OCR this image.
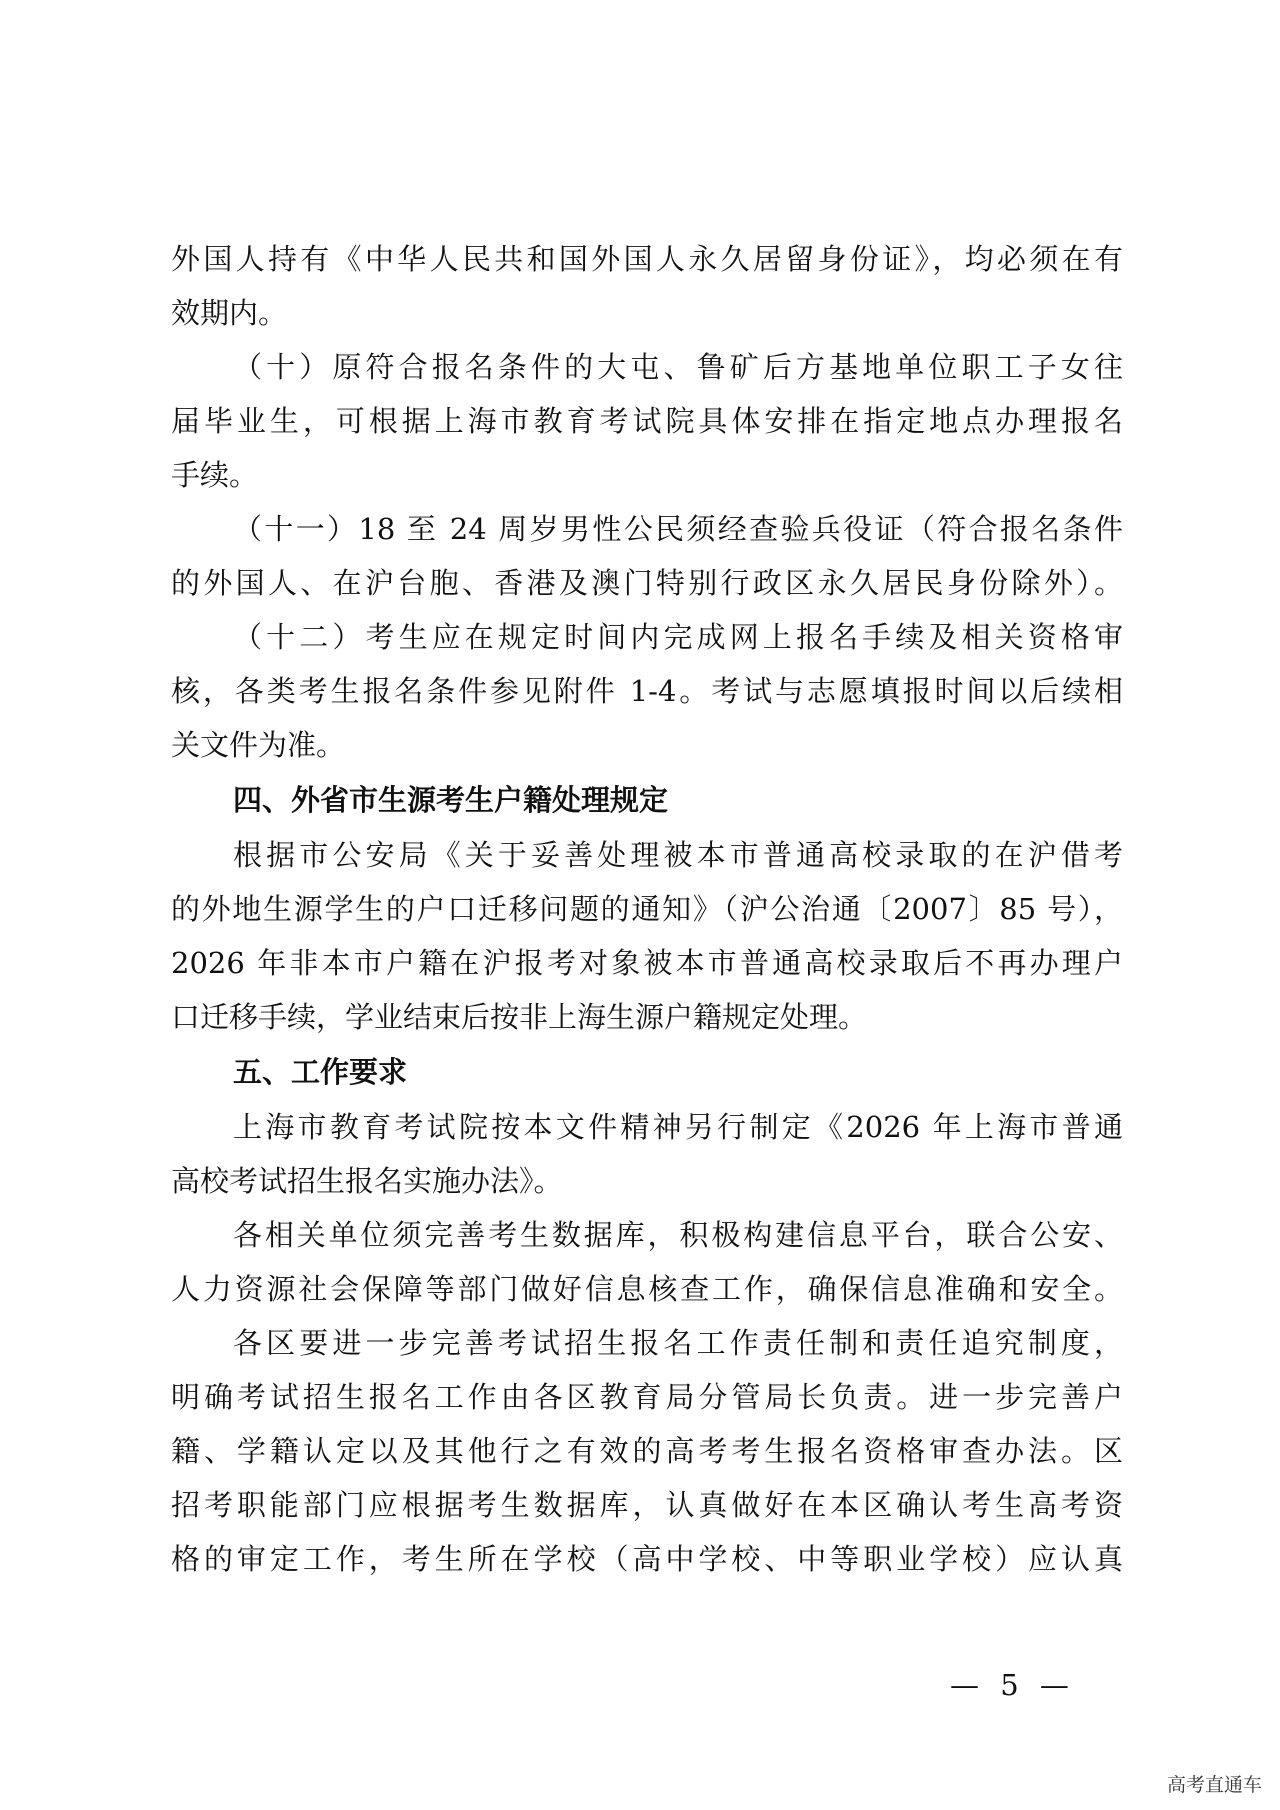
外国人持有《中华人民共和国外国人永久居留身份证》，均必须在有
效期内。
（十）原符合报名条件的大屯、鲁矿后方基地单位职工子女往
届毕业生，可根据上海市教育考试院具体安排在指定地点办理报名
手续。
（十一）18 至 24 周岁男性公民须经查验兵役证（符合报名条件
的外国人、在沪台胞、香港及澳门特别行政区永久居民身份除外）。
（十二）考生应在规定时间内完成网上报名手续及相关资格审
核，各类考生报名条件参见附件 1-4。考试与志愿填报时间以后续相
关文件为准。
四、外省市生源考生户籍处理规定
根据市公安局《关于妥善处理被本市普通高校录取的在沪借考
的外地生源学生的户口迁移问题的通知》（沪公治通〔2007〕85 号），
2026 年非本市户籍在沪报考对象被本市普通高校录取后不再办理户
口迁移手续，学业结束后按非上海生源户籍规定处理。
五、工作要求
上海市教育考试院按本文件精神另行制定《2026 年上海市普通
高校考试招生报名实施办法》。
各相关单位须完善考生数据库，积极构建信息平台，联合公安、
人力资源社会保障等部门做好信息核查工作，确保信息准确和安全。
各区要进一步完善考试招生报名工作责任制和责任追究制度，
明确考试招生报名工作由各区教育局分管局长负责。进一步完善户
籍、学籍认定以及其他行之有效的高考考生报名资格审查办法。区
招考职能部门应根据考生数据库，认真做好在本区确认考生高考资
格的审定工作，考生所在学校（高中学校、中等职业学校）应认真
— 5 —
高考直通车
